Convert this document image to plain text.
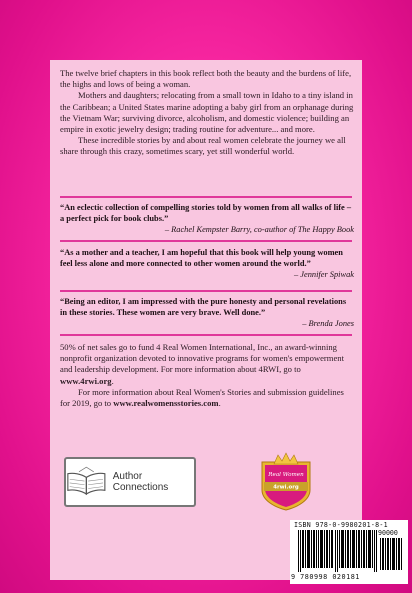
The twelve brief chapters in this book reflect both the beauty and the burdens of life, the highs and lows of being a woman.

Mothers and daughters; relocating from a small town in Idaho to a tiny island in the Caribbean; a United States marine adopting a baby girl from an orphanage during the Vietnam War; surviving divorce, alcoholism, and domestic violence; building an empire in exotic jewelry design; trading routine for adventure... and more.

These incredible stories by and about real women celebrate the journey we all share through this crazy, sometimes scary, yet still wonderful world.

“An eclectic collection of compelling stories told by women from all walks of life – a perfect pick for book clubs.”
– Rachel Kempster Barry, co-author of The Happy Book
“As a mother and a teacher, I am hopeful that this book will help young women feel less alone and more connected to other women around the world.”
– Jennifer Spiwak
“Being an editor, I am impressed with the pure honesty and personal revelations in these stories. These women are very brave. Well done.”
– Brenda Jones

50% of net sales go to fund 4 Real Women International, Inc., an award-winning nonprofit organization devoted to innovative programs for women's empowerment and leadership development. For more information about 4RWI, go to www.4rwi.org.

For more information about Real Women's Stories and submission guidelines for 2019, go to www.realwomensstories.com.

Author Connections
Real Women
4rwi.org
ISBN 978-0-9980201-8-1
90000
9 780998 020181
